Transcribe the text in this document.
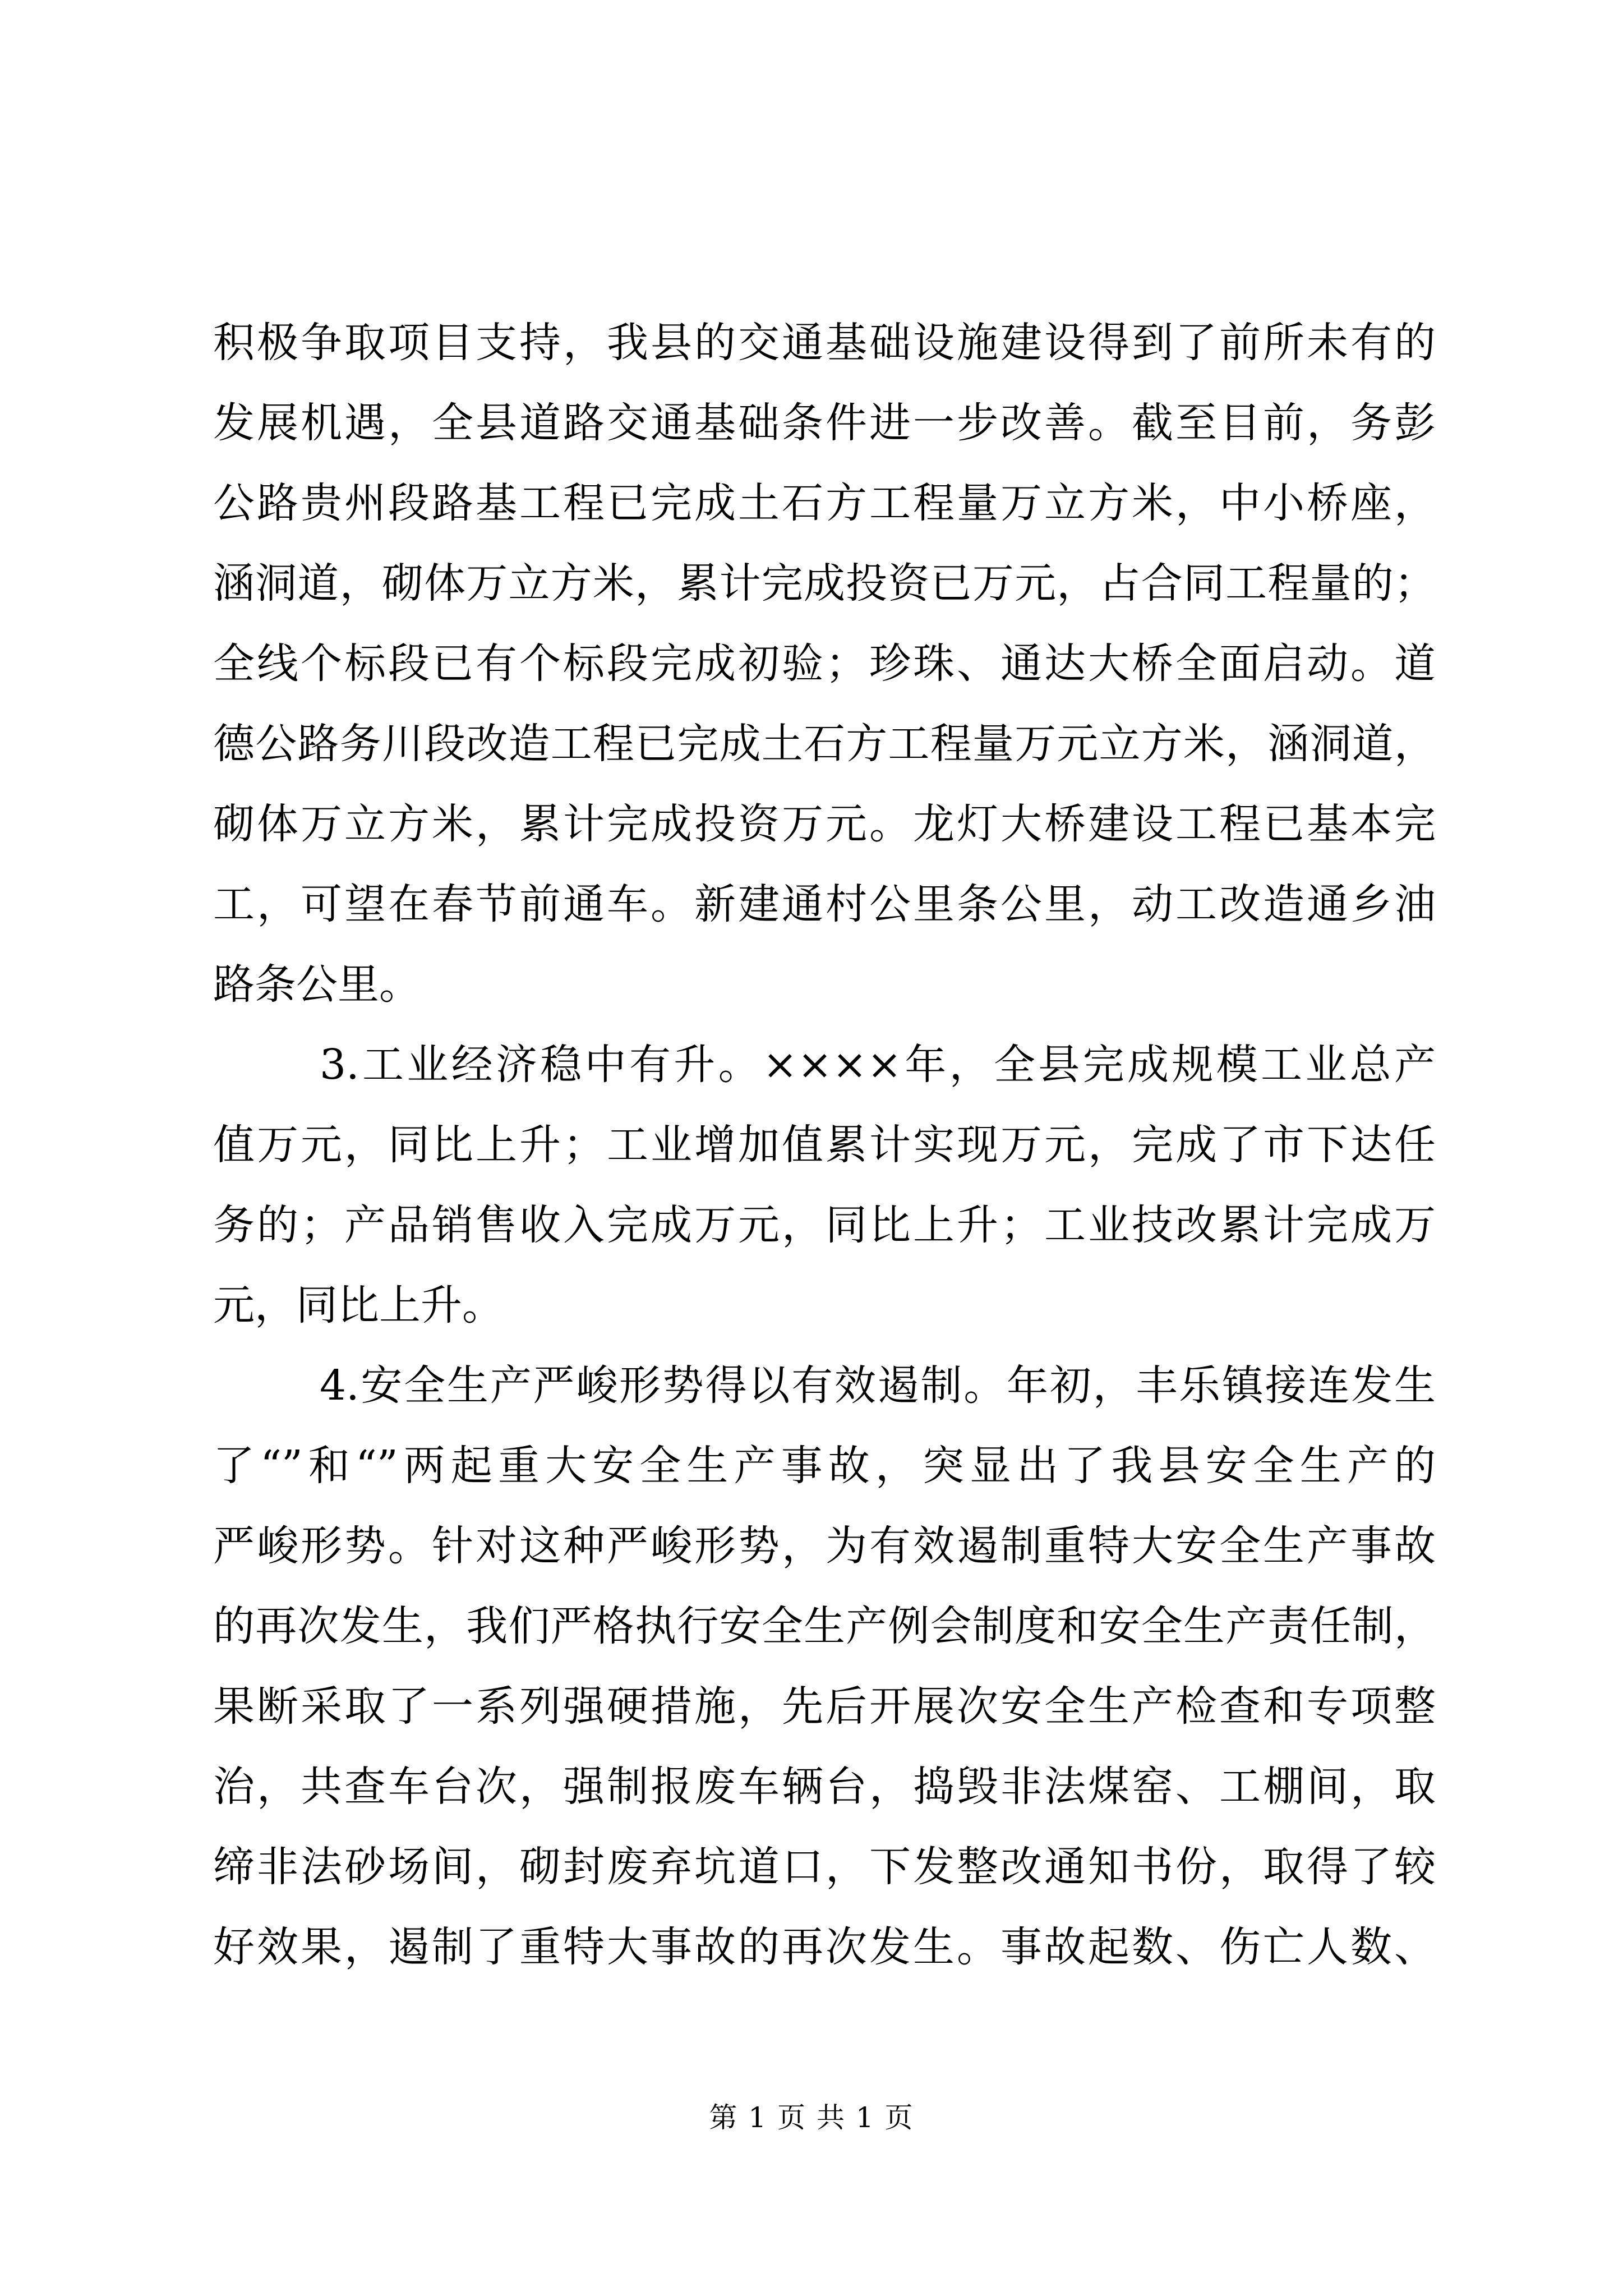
积极争取项目支持，我县的交通基础设施建设得到了前所未有的
发展机遇，全县道路交通基础条件进一步改善。截至目前，务彭
公路贵州段路基工程已完成土石方工程量万立方米，中小桥座，
涵洞道，砌体万立方米，累计完成投资已万元，占合同工程量的；
全线个标段已有个标段完成初验；珍珠、通达大桥全面启动。道
德公路务川段改造工程已完成土石方工程量万元立方米，涵洞道，
砌体万立方米，累计完成投资万元。龙灯大桥建设工程已基本完
工，可望在春节前通车。新建通村公里条公里，动工改造通乡油
路条公里。
3.工业经济稳中有升。××××年，全县完成规模工业总产
值万元，同比上升；工业增加值累计实现万元，完成了市下达任
务的；产品销售收入完成万元，同比上升；工业技改累计完成万
元，同比上升。
4.安全生产严峻形势得以有效遏制。年初，丰乐镇接连发生
了“”和“”两起重大安全生产事故，突显出了我县安全生产的
严峻形势。针对这种严峻形势，为有效遏制重特大安全生产事故
的再次发生，我们严格执行安全生产例会制度和安全生产责任制，
果断采取了一系列强硬措施，先后开展次安全生产检查和专项整
治，共查车台次，强制报废车辆台，捣毁非法煤窑、工棚间，取
缔非法砂场间，砌封废弃坑道口，下发整改通知书份，取得了较
好效果，遏制了重特大事故的再次发生。事故起数、伤亡人数、
第 1 页 共 1 页
